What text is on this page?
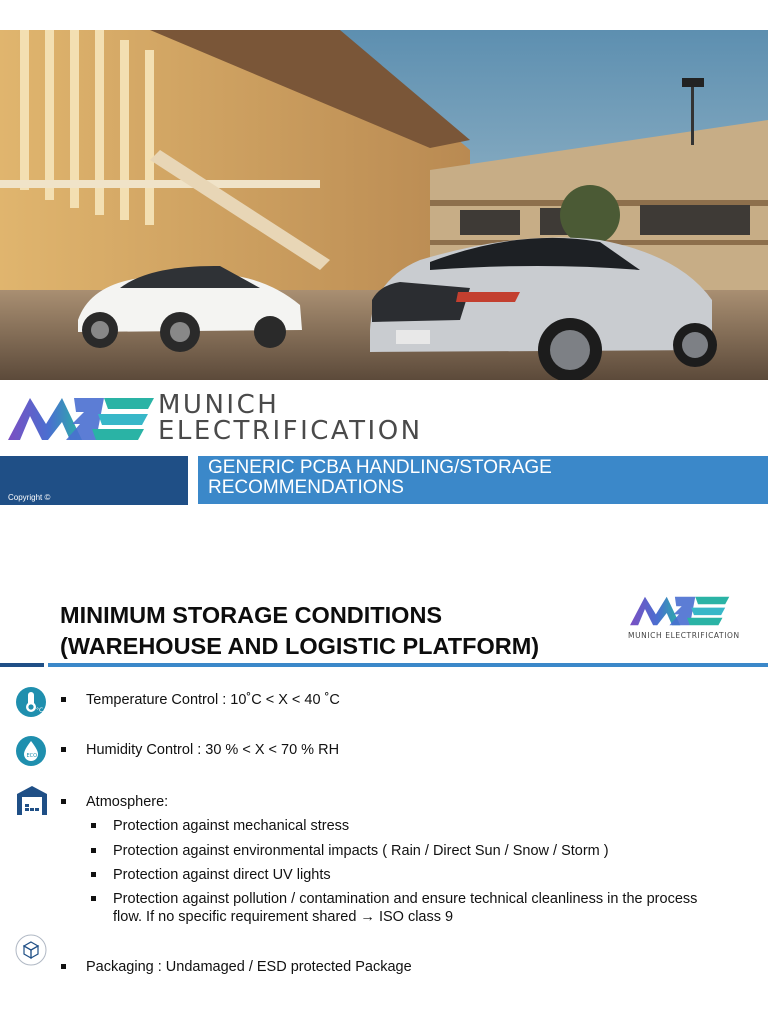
MUNICH
ELECTRIFICATION
Copyright ©
GENERIC PCBA HANDLING/STORAGE RECOMMENDATIONS
MINIMUM STORAGE CONDITIONS
(WAREHOUSE AND LOGISTIC PLATFORM)	MUNICH ELECTRIFICATION
°C
Temperature Control : 10˚C < X < 40 ˚C
ECO	Humidity Control : 30 % < X < 70 % RH
Atmosphere:
Protection against mechanical stress
Protection against environmental impacts ( Rain / Direct Sun / Snow / Storm )
Protection against direct UV lights
Protection against pollution / contamination and ensure technical cleanliness in the process flow. If no specific requirement shared → ISO class 9
Packaging : Undamaged / ESD protected Package
